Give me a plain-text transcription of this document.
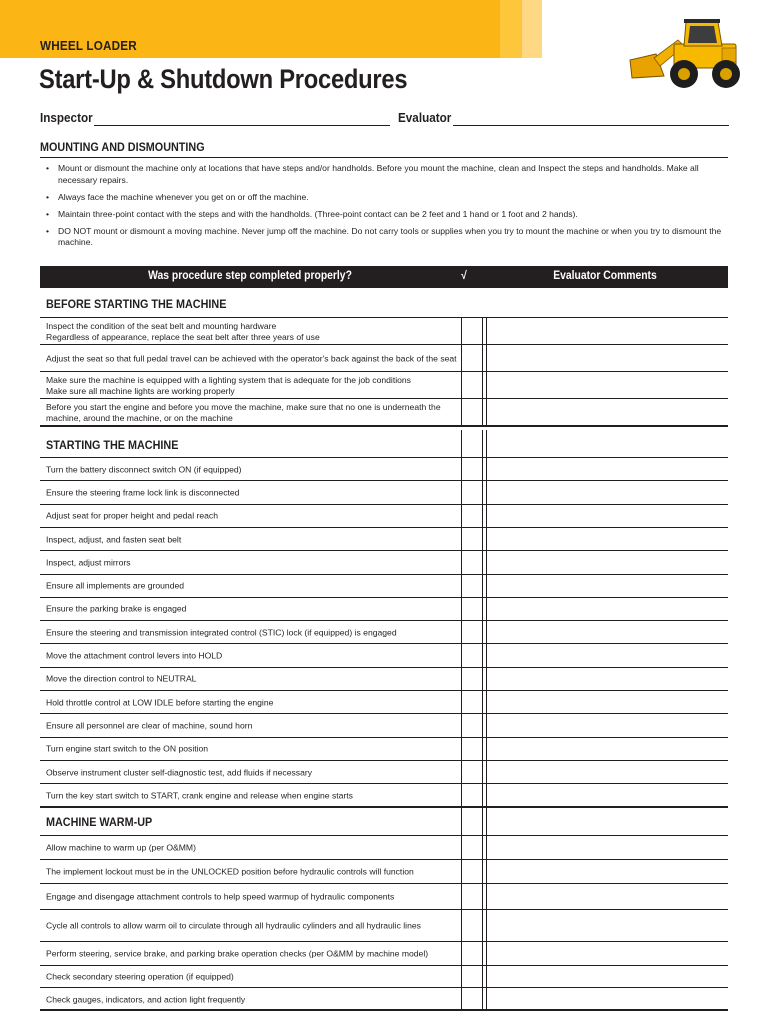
WHEEL LOADER
Start-Up & Shutdown Procedures
Inspector	Evaluator
MOUNTING AND DISMOUNTING
• Mount or dismount the machine only at locations that have steps and/or handholds. Before you mount the machine, clean and Inspect the steps and handholds. Make all necessary repairs.
• Always face the machine whenever you get on or off the machine.
• Maintain three-point contact with the steps and with the handholds. (Three-point contact can be 2 feet and 1 hand or 1 foot and 2 hands).
• DO NOT mount or dismount a moving machine. Never jump off the machine. Do not carry tools or supplies when you try to mount the machine or when you try to dismount the machine.
Was procedure step completed properly?	√	Evaluator Comments
BEFORE STARTING THE MACHINE
Inspect the condition of the seat belt and mounting hardware
Regardless of appearance, replace the seat belt after three years of use
Adjust the seat so that full pedal travel can be achieved with the operator's back against the back of the seat
Make sure the machine is equipped with a lighting system that is adequate for the job conditions
Make sure all machine lights are working properly
Before you start the engine and before you move the machine, make sure that no one is underneath the machine, around the machine, or on the machine
STARTING THE MACHINE
Turn the battery disconnect switch ON (if equipped)
Ensure the steering frame lock link is disconnected
Adjust seat for proper height and pedal reach
Inspect, adjust, and fasten seat belt
Inspect, adjust mirrors
Ensure all implements are grounded
Ensure the parking brake is engaged
Ensure the steering and transmission integrated control (STIC) lock (if equipped) is engaged
Move the attachment control levers into HOLD
Move the direction control to NEUTRAL
Hold throttle control at LOW IDLE before starting the engine
Ensure all personnel are clear of machine, sound horn
Turn engine start switch to the ON position
Observe instrument cluster self-diagnostic test, add fluids if necessary
Turn the key start switch to START, crank engine and release when engine starts
MACHINE WARM-UP
Allow machine to warm up (per O&MM)
The implement lockout must be in the UNLOCKED position before hydraulic controls will function
Engage and disengage attachment controls to help speed warmup of hydraulic components
Cycle all controls to allow warm oil to circulate through all hydraulic cylinders and all hydraulic lines
Perform steering, service brake, and parking brake operation checks (per O&MM by machine model)
Check secondary steering operation (if equipped)
Check gauges, indicators, and action light frequently
